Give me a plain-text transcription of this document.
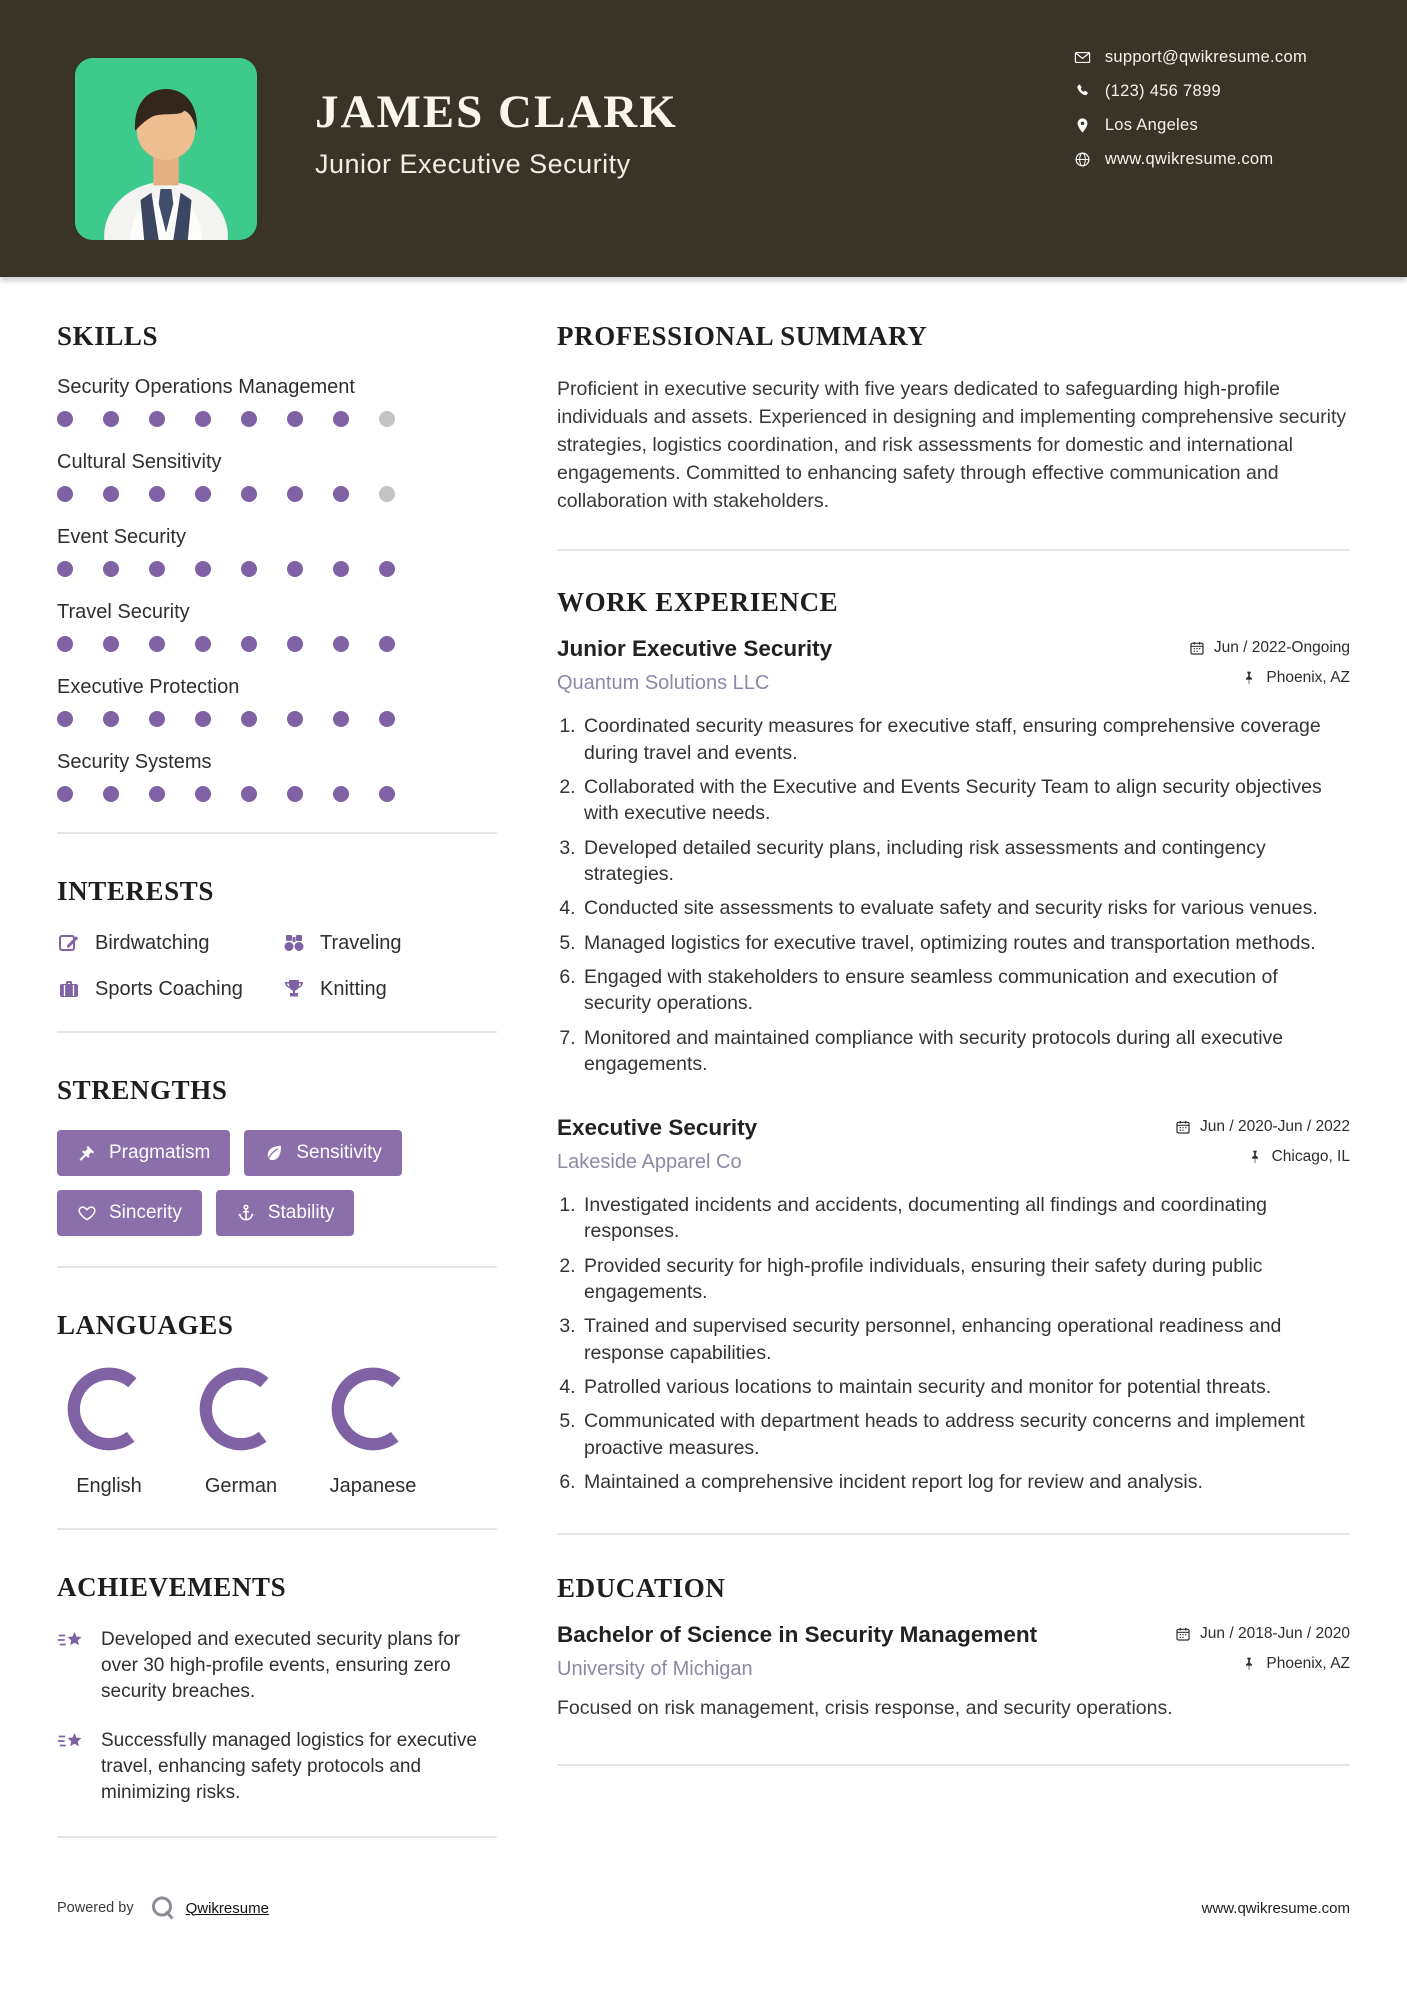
JAMES CLARK
Junior Executive Security
support@qwikresume.com
(123) 456 7899
Los Angeles
www.qwikresume.com
SKILLS
Security Operations Management
Cultural Sensitivity
Event Security
Travel Security
Executive Protection
Security Systems
INTERESTS
Birdwatching	Traveling
Sports Coaching	Knitting
STRENGTHS
Pragmatism	Sensitivity
Sincerity	Stability
LANGUAGES
English	German	Japanese
ACHIEVEMENTS
Developed and executed security plans for over 30 high-profile events, ensuring zero security breaches.
Successfully managed logistics for executive travel, enhancing safety protocols and minimizing risks.
PROFESSIONAL SUMMARY

Proficient in executive security with five years dedicated to safeguarding high-profile individuals and assets. Experienced in designing and implementing comprehensive security strategies, logistics coordination, and risk assessments for domestic and international engagements. Committed to enhancing safety through effective communication and collaboration with stakeholders.

WORK EXPERIENCE
Junior Executive Security
Quantum Solutions LLC
Jun / 2022-Ongoing
Phoenix, AZ
1. Coordinated security measures for executive staff, ensuring comprehensive coverage during travel and events.
2. Collaborated with the Executive and Events Security Team to align security objectives with executive needs.
3. Developed detailed security plans, including risk assessments and contingency strategies.
4. Conducted site assessments to evaluate safety and security risks for various venues.
5. Managed logistics for executive travel, optimizing routes and transportation methods.
6. Engaged with stakeholders to ensure seamless communication and execution of security operations.
7. Monitored and maintained compliance with security protocols during all executive engagements.
Executive Security
Lakeside Apparel Co
Jun / 2020-Jun / 2022
Chicago, IL
1. Investigated incidents and accidents, documenting all findings and coordinating responses.
2. Provided security for high-profile individuals, ensuring their safety during public engagements.
3. Trained and supervised security personnel, enhancing operational readiness and response capabilities.
4. Patrolled various locations to maintain security and monitor for potential threats.
5. Communicated with department heads to address security concerns and implement proactive measures.
6. Maintained a comprehensive incident report log for review and analysis.
EDUCATION
Bachelor of Science in Security Management
University of Michigan
Jun / 2018-Jun / 2020
Phoenix, AZ
Focused on risk management, crisis response, and security operations.
Powered by	Qwikresume	www.qwikresume.com
